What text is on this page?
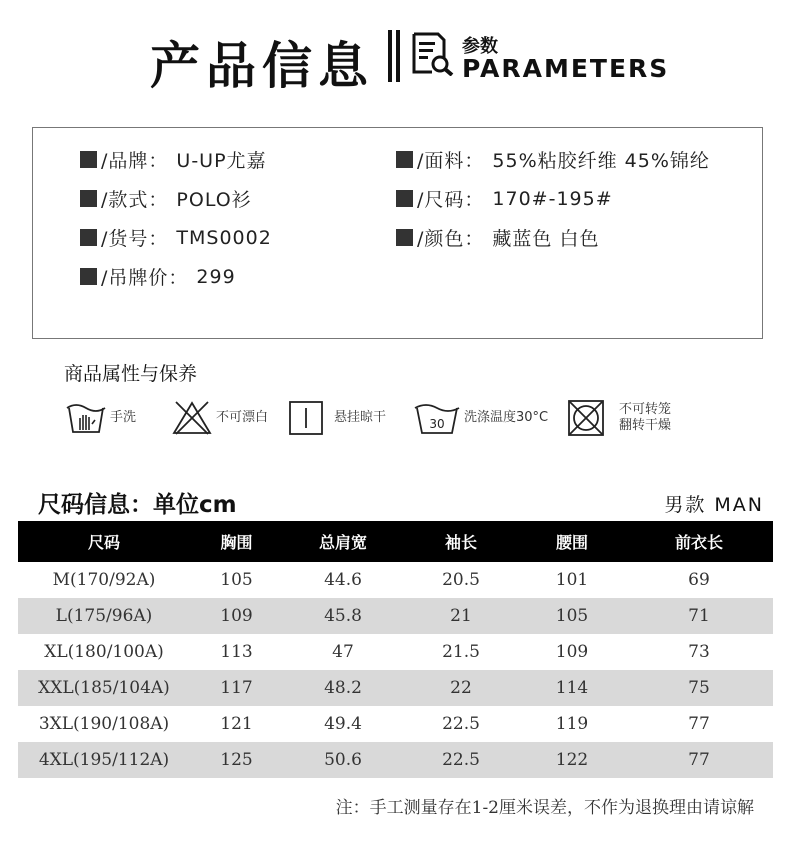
产品信息	参数
PARAMETERS
/品牌： U-UP尤嘉
/款式： POLO衫
/货号： TMS0002
/吊牌价： 299
/面料： 55%粘胶纤维 45%锦纶
/尺码： 170#-195#
/颜色： 藏蓝色 白色
商品属性与保养
手洗	不可漂白	悬挂晾干	30 洗涤温度30°C
不可转笼
翻转干燥
尺码信息：单位cm	男款 MAN
尺码	胸围	总肩宽	袖长	腰围	前衣长
M(170/92A)	105	44.6	20.5	101	69
L(175/96A)	109	45.8	21	105	71
XL(180/100A)	113	47	21.5	109	73
XXL(185/104A)	117	48.2	22	114	75
3XL(190/108A)	121	49.4	22.5	119	77
4XL(195/112A)	125	50.6	22.5	122	77
注：手工测量存在1-2厘米误差，不作为退换理由请谅解
